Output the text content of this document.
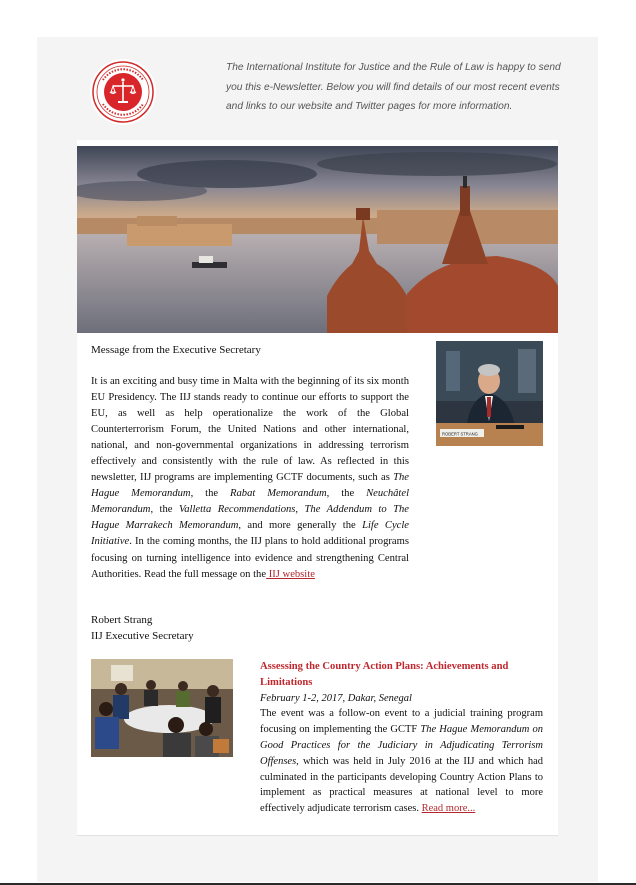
The International Institute for Justice and the Rule of Law is happy to send you this e-Newsletter. Below you will find details of our most recent events and links to our website and Twitter pages for more information.
Message from the Executive Secretary
ROBERT STRANG
It is an exciting and busy time in Malta with the beginning of its six month EU Presidency. The IIJ stands ready to continue our efforts to support the EU, as well as help operationalize the work of the Global Counterterrorism Forum, the United Nations and other international, national, and non-governmental organizations in addressing terrorism effectively and consistently with the rule of law. As reflected in this newsletter, IIJ programs are implementing GCTF documents, such as The Hague Memorandum, the Rabat Memorandum, the Neuchâtel Memorandum, the Valletta Recommendations, The Addendum to The Hague Marrakech Memorandum, and more generally the Life Cycle Initiative. In the coming months, the IIJ plans to hold additional programs focusing on turning intelligence into evidence and strengthening Central Authorities. Read the full message on the IIJ website
Robert Strang
IIJ Executive Secretary
Assessing the Country Action Plans: Achievements and Limitations
February 1-2, 2017, Dakar, Senegal
The event was a follow-on event to a judicial training program focusing on implementing the GCTF The Hague Memorandum on Good Practices for the Judiciary in Adjudicating Terrorism Offenses, which was held in July 2016 at the IIJ and which had culminated in the participants developing Country Action Plans to implement as practical measures at national level to more effectively adjudicate terrorism cases. Read more...
